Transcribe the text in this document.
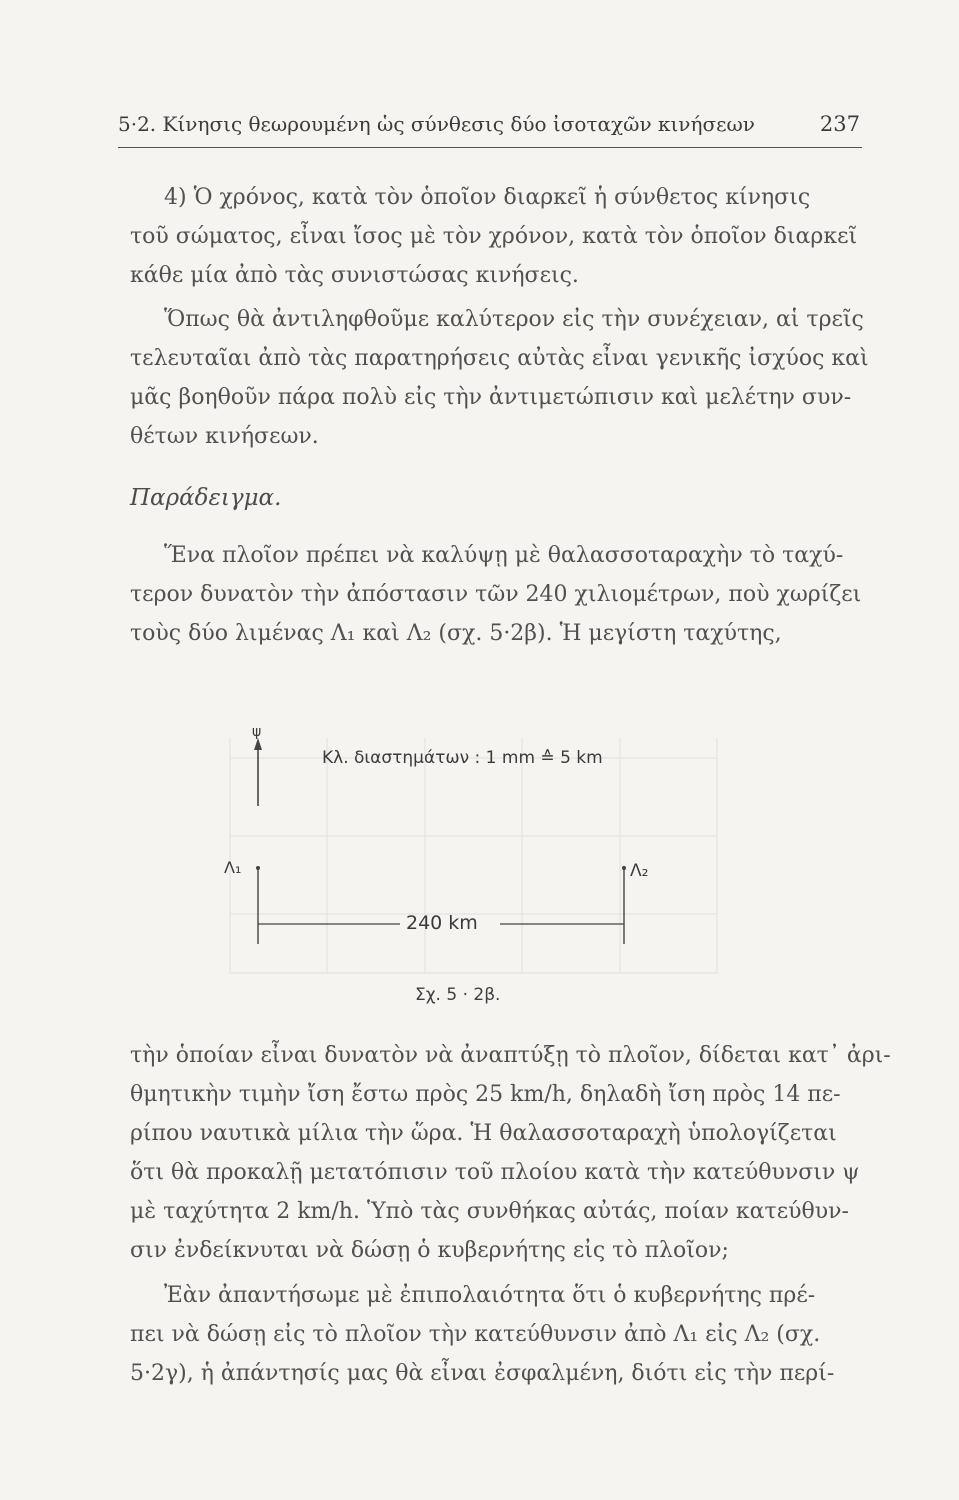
5·2. Κίνησις θεωρουμένη ὡς σύνθεσις δύο ἰσοταχῶν κινήσεων	237

4) Ὁ χρόνος, κατὰ τὸν ὁποῖον διαρκεῖ ἡ σύνθετος κίνησις
τοῦ σώματος, εἶναι ἴσος μὲ τὸν χρόνον, κατὰ τὸν ὁποῖον διαρκεῖ
κάθε μία ἀπὸ τὰς συνιστώσας κινήσεις.

Ὅπως θὰ ἀντιληφθοῦμε καλύτερον εἰς τὴν συνέχειαν, αἱ τρεῖς
τελευταῖαι ἀπὸ τὰς παρατηρήσεις αὐτὰς εἶναι γενικῆς ἰσχύος καὶ
μᾶς βοηθοῦν πάρα πολὺ εἰς τὴν ἀντιμετώπισιν καὶ μελέτην συν-
θέτων κινήσεων.

Παράδειγμα.

Ἕνα πλοῖον πρέπει νὰ καλύψῃ μὲ θαλασσοταραχὴν τὸ ταχύ-
τερον δυνατὸν τὴν ἀπόστασιν τῶν 240 χιλιομέτρων, ποὺ χωρίζει
τοὺς δύο λιμένας Λ₁ καὶ Λ₂ (σχ. 5·2β). Ἡ μεγίστη ταχύτης,

ψ
Κλ. διαστημάτων : 1 mm ≙ 5 km
Λ₁	Λ₂
240 km
Σχ. 5 · 2β.

τὴν ὁποίαν εἶναι δυνατὸν νὰ ἀναπτύξῃ τὸ πλοῖον, δίδεται κατ᾿ ἀρι-
θμητικὴν τιμὴν ἴση ἔστω πρὸς 25 km/h, δηλαδὴ ἴση πρὸς 14 πε-
ρίπου ναυτικὰ μίλια τὴν ὥρα. Ἡ θαλασσοταραχὴ ὑπολογίζεται
ὅτι θὰ προκαλῇ μετατόπισιν τοῦ πλοίου κατὰ τὴν κατεύθυνσιν ψ
μὲ ταχύτητα 2 km/h. Ὑπὸ τὰς συνθήκας αὐτάς, ποίαν κατεύθυν-
σιν ἐνδείκνυται νὰ δώσῃ ὁ κυβερνήτης εἰς τὸ πλοῖον;

Ἐὰν ἀπαντήσωμε μὲ ἐπιπολαιότητα ὅτι ὁ κυβερνήτης πρέ-
πει νὰ δώσῃ εἰς τὸ πλοῖον τὴν κατεύθυνσιν ἀπὸ Λ₁ εἰς Λ₂ (σχ.
5·2γ), ἡ ἀπάντησίς μας θὰ εἶναι ἐσφαλμένη, διότι εἰς τὴν περί-
